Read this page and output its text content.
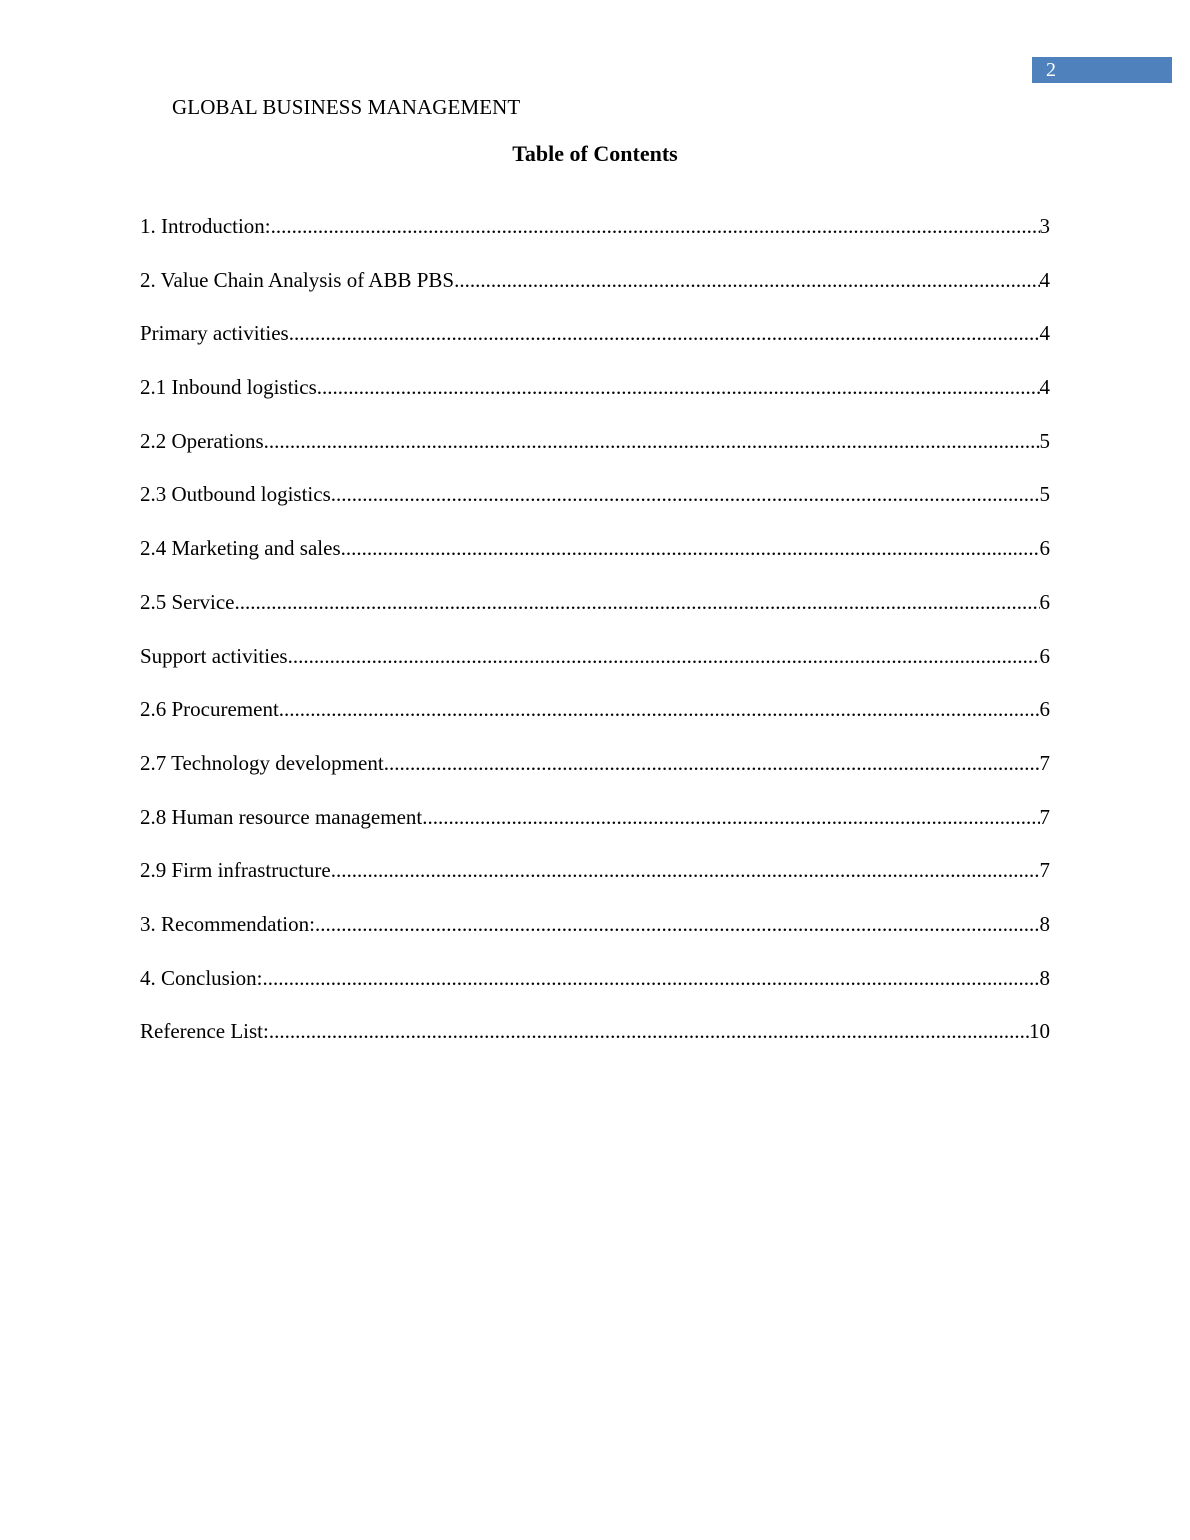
2
GLOBAL BUSINESS MANAGEMENT
Table of Contents
1. Introduction: .....	3
2. Value Chain Analysis of ABB PBS .....	4
Primary activities .....	4
2.1 Inbound logistics .....	4
2.2 Operations .....	5
2.3 Outbound logistics .....	5
2.4 Marketing and sales .....	6
2.5 Service .....	6
Support activities .....	6
2.6 Procurement .....	6
2.7 Technology development .....	7
2.8 Human resource management .....	7
2.9 Firm infrastructure .....	7
3. Recommendation: .....	8
4. Conclusion: .....	8
Reference List: .....	10
